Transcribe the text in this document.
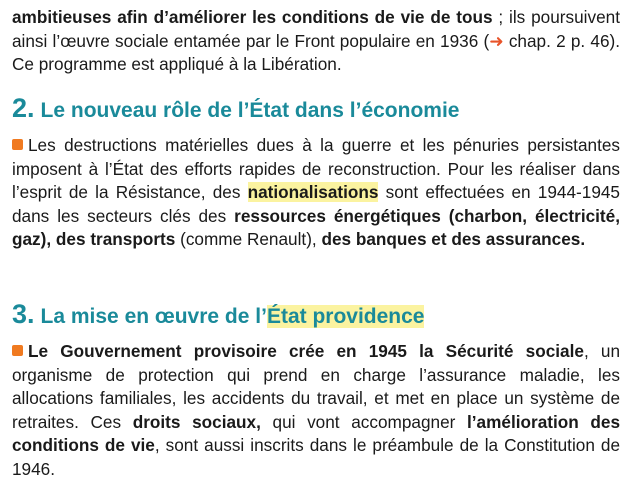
ambitieuses afin d’améliorer les conditions de vie de tous ; ils poursuivent ainsi l’œuvre sociale entamée par le Front populaire en 1936 (➜ chap. 2 p. 46). Ce programme est appliqué à la Libération.

2. Le nouveau rôle de l’État dans l’économie

Les destructions matérielles dues à la guerre et les pénuries persistantes imposent à l’État des efforts rapides de reconstruction. Pour les réaliser dans l’esprit de la Résistance, des nationalisations sont effectuées en 1944-1945 dans les secteurs clés des ressources énergétiques (charbon, électricité, gaz), des transports (comme Renault), des banques et des assurances.

3. La mise en œuvre de l’État providence

Le Gouvernement provisoire crée en 1945 la Sécurité sociale, un organisme de protection qui prend en charge l’assurance maladie, les allocations familiales, les accidents du travail, et met en place un système de retraites. Ces droits sociaux, qui vont accompagner l’amélioration des conditions de vie, sont aussi inscrits dans le préambule de la Constitution de 1946.
